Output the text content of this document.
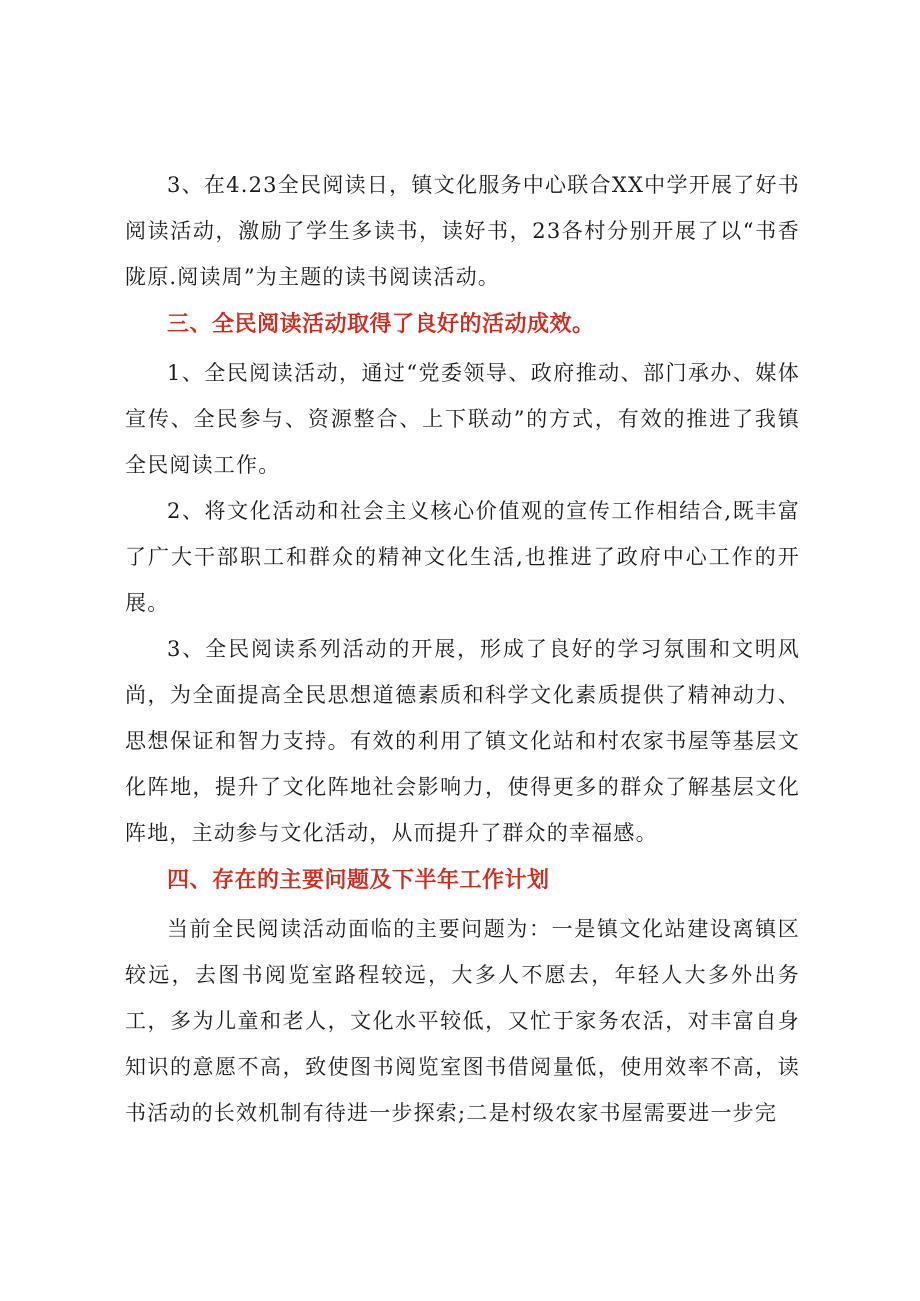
3、在4.23全民阅读日，镇文化服务中心联合XX中学开展了好书阅读活动，激励了学生多读书，读好书，23各村分别开展了以“书香陇原.阅读周”为主题的读书阅读活动。

三、全民阅读活动取得了良好的活动成效。

1、全民阅读活动，通过“党委领导、政府推动、部门承办、媒体宣传、全民参与、资源整合、上下联动”的方式，有效的推进了我镇全民阅读工作。

2、将文化活动和社会主义核心价值观的宣传工作相结合,既丰富了广大干部职工和群众的精神文化生活,也推进了政府中心工作的开展。

3、全民阅读系列活动的开展，形成了良好的学习氛围和文明风尚，为全面提高全民思想道德素质和科学文化素质提供了精神动力、思想保证和智力支持。有效的利用了镇文化站和村农家书屋等基层文化阵地，提升了文化阵地社会影响力，使得更多的群众了解基层文化阵地，主动参与文化活动，从而提升了群众的幸福感。

四、存在的主要问题及下半年工作计划

当前全民阅读活动面临的主要问题为：一是镇文化站建设离镇区较远，去图书阅览室路程较远，大多人不愿去，年轻人大多外出务工，多为儿童和老人，文化水平较低，又忙于家务农活，对丰富自身知识的意愿不高，致使图书阅览室图书借阅量低，使用效率不高，读书活动的长效机制有待进一步探索;二是村级农家书屋需要进一步完
